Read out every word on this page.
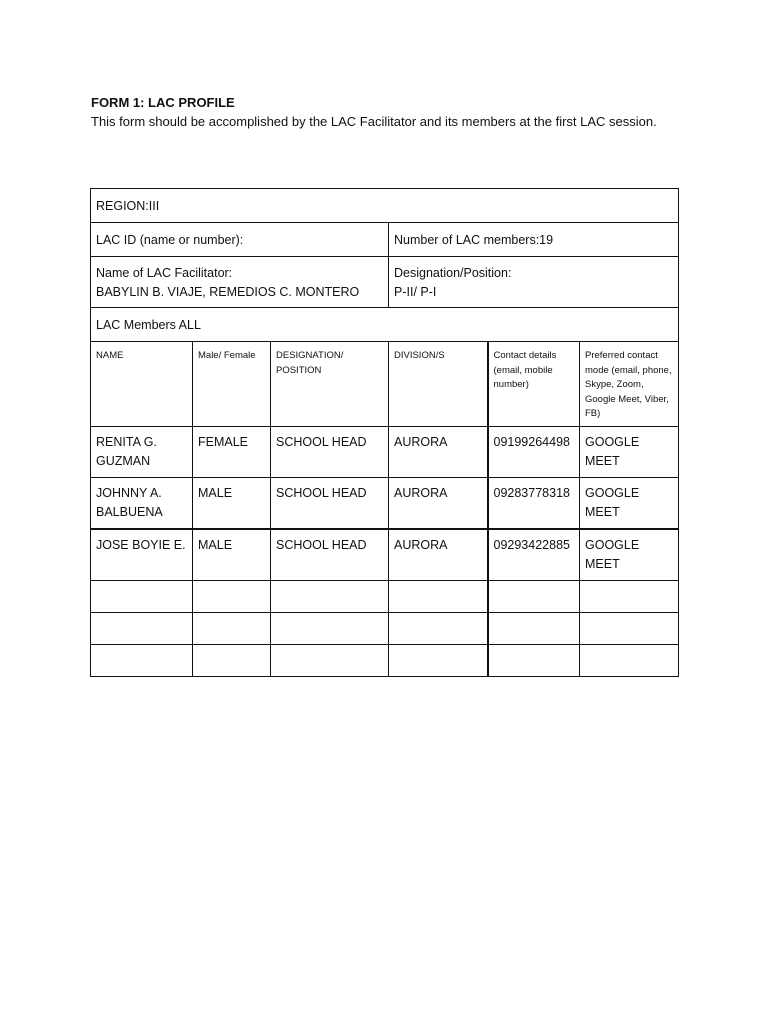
FORM 1: LAC PROFILE

This form should be accomplished by the LAC Facilitator and its members at the first LAC session.

REGION:III					
LAC ID (name or number):			Number of LAC members:19		

Name of LAC Facilitator:
BABYLIN B. VIAJE, REMEDIOS C. MONTERO			Designation/Position:
P-II/ P-I		

LAC Members ALL					
NAME	Male/ Female	DESIGNATION/ POSITION	DIVISION/S	Contact details (email, mobile number)	Preferred contact mode (email, phone, Skype, Zoom, Google Meet, Viber, FB)
RENITA G. GUZMAN	FEMALE	SCHOOL HEAD	AURORA	09199264498	GOOGLE MEET
JOHNNY A. BALBUENA	MALE	SCHOOL HEAD	AURORA	09283778318	GOOGLE MEET
JOSE BOYIE E.	MALE	SCHOOL HEAD	AURORA	09293422885	GOOGLE MEET
